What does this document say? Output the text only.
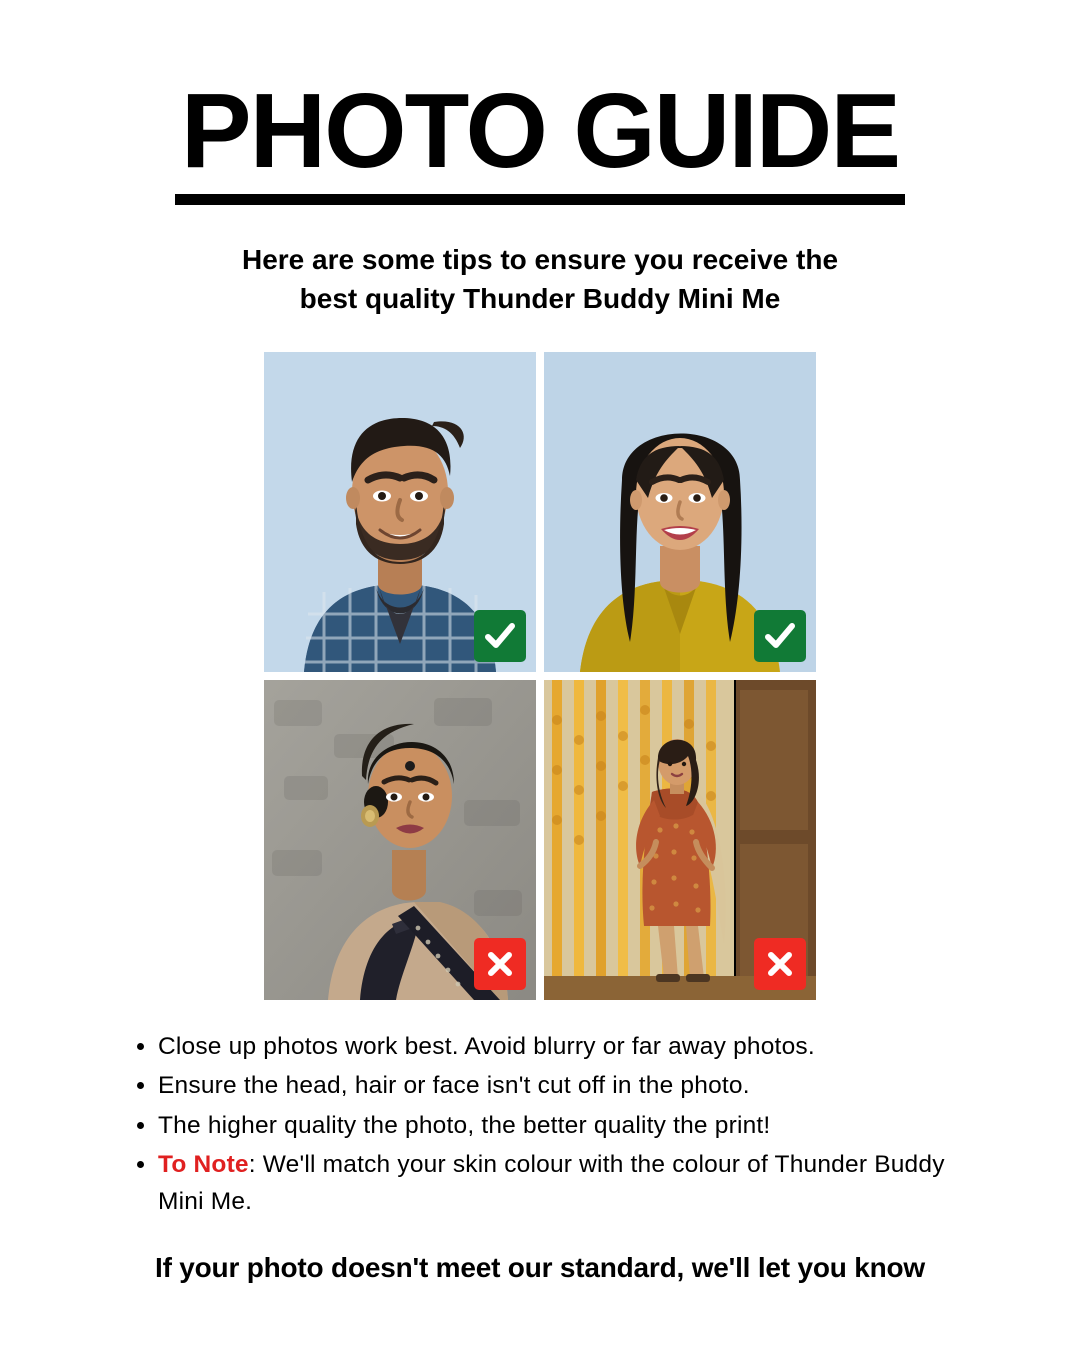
PHOTO GUIDE
Here are some tips to ensure you receive the
best quality Thunder Buddy Mini Me
• Close up photos work best. Avoid blurry or far away photos.
• Ensure the head, hair or face isn't cut off in the photo.
• The higher quality the photo, the better quality the print!
• To Note: We'll match your skin colour with the colour of Thunder Buddy Mini Me.
If your photo doesn't meet our standard, we'll let you know
